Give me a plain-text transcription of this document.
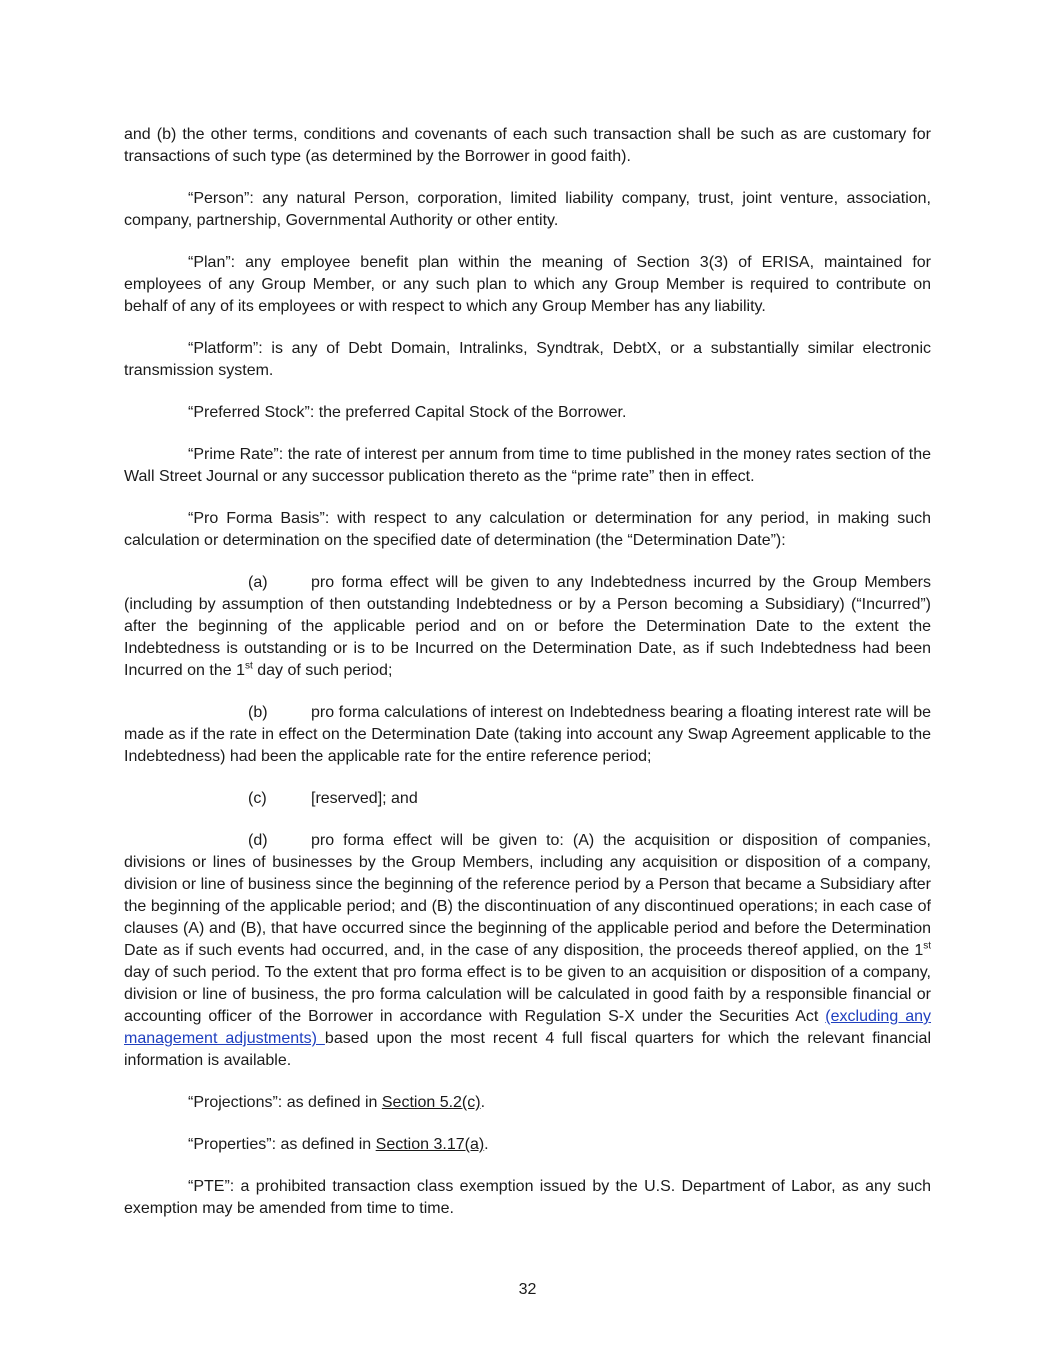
and (b) the other terms, conditions and covenants of each such transaction shall be such as are customary for transactions of such type (as determined by the Borrower in good faith).

“Person”: any natural Person, corporation, limited liability company, trust, joint venture, association, company, partnership, Governmental Authority or other entity.

“Plan”: any employee benefit plan within the meaning of Section 3(3) of ERISA, maintained for employees of any Group Member, or any such plan to which any Group Member is required to contribute on behalf of any of its employees or with respect to which any Group Member has any liability.

“Platform”: is any of Debt Domain, Intralinks, Syndtrak, DebtX, or a substantially similar electronic transmission system.

“Preferred Stock”: the preferred Capital Stock of the Borrower.

“Prime Rate”: the rate of interest per annum from time to time published in the money rates section of the Wall Street Journal or any successor publication thereto as the “prime rate” then in effect.

“Pro Forma Basis”: with respect to any calculation or determination for any period, in making such calculation or determination on the specified date of determination (the “Determination Date”):

(a)	pro forma effect will be given to any Indebtedness incurred by the Group Members (including by assumption of then outstanding Indebtedness or by a Person becoming a Subsidiary) (“Incurred”) after the beginning of the applicable period and on or before the Determination Date to the extent the Indebtedness is outstanding or is to be Incurred on the Determination Date, as if such Indebtedness had been Incurred on the 1st day of such period;

(b)	pro forma calculations of interest on Indebtedness bearing a floating interest rate will be made as if the rate in effect on the Determination Date (taking into account any Swap Agreement applicable to the Indebtedness) had been the applicable rate for the entire reference period;

(c)	[reserved]; and

(d)	pro forma effect will be given to: (A) the acquisition or disposition of companies, divisions or lines of businesses by the Group Members, including any acquisition or disposition of a company, division or line of business since the beginning of the reference period by a Person that became a Subsidiary after the beginning of the applicable period; and (B) the discontinuation of any discontinued operations; in each case of clauses (A) and (B), that have occurred since the beginning of the applicable period and before the Determination Date as if such events had occurred, and, in the case of any disposition, the proceeds thereof applied, on the 1st day of such period. To the extent that pro forma effect is to be given to an acquisition or disposition of a company, division or line of business, the pro forma calculation will be calculated in good faith by a responsible financial or accounting officer of the Borrower in accordance with Regulation S-X under the Securities Act (excluding any management adjustments) based upon the most recent 4 full fiscal quarters for which the relevant financial information is available.

“Projections”: as defined in Section 5.2(c).

“Properties”: as defined in Section 3.17(a).

“PTE”: a prohibited transaction class exemption issued by the U.S. Department of Labor, as any such exemption may be amended from time to time.

32
